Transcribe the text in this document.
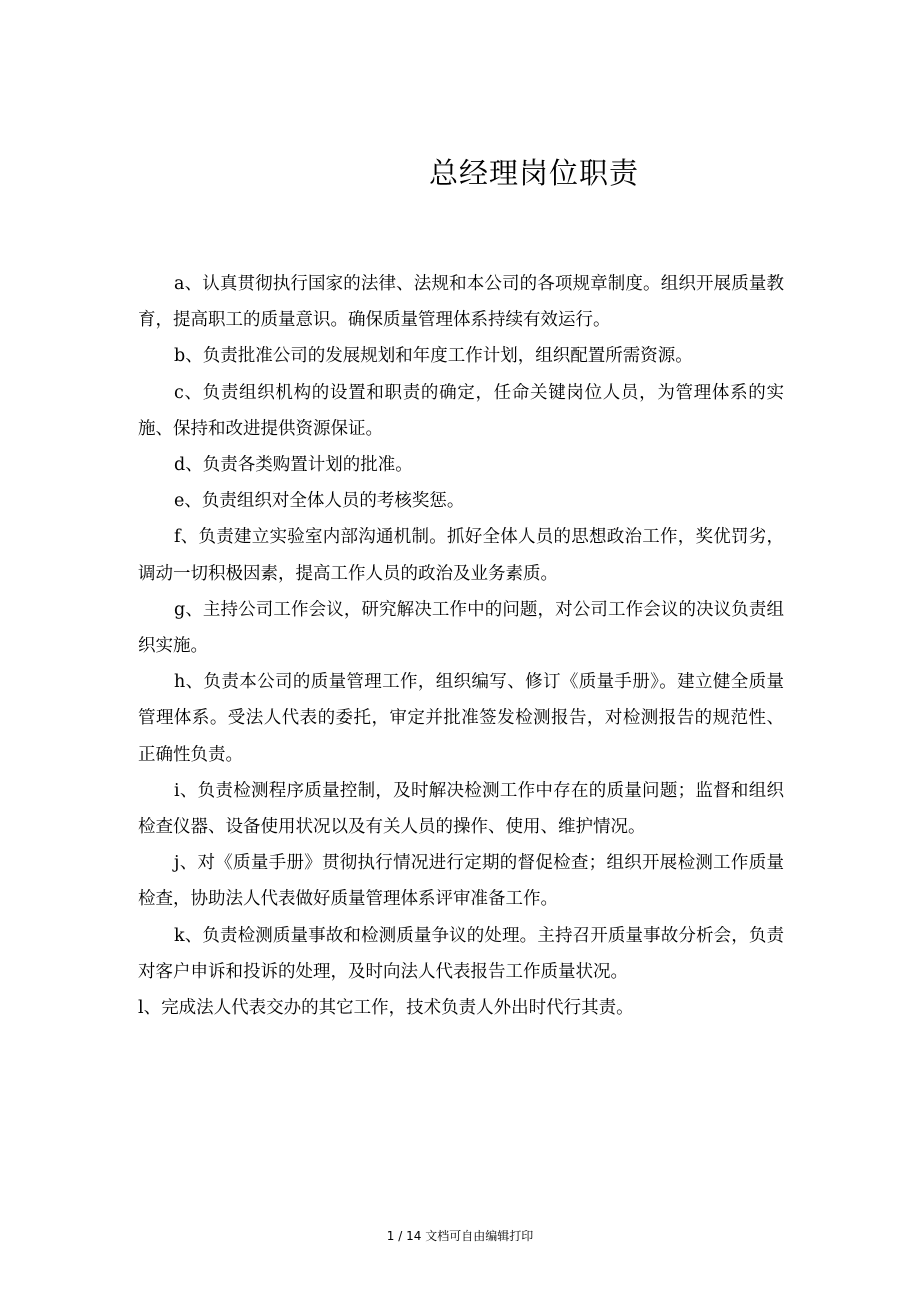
总经理岗位职责

a、认真贯彻执行国家的法律、法规和本公司的各项规章制度。组织开展质量教育，提高职工的质量意识。确保质量管理体系持续有效运行。

b、负责批准公司的发展规划和年度工作计划，组织配置所需资源。

c、负责组织机构的设置和职责的确定，任命关键岗位人员，为管理体系的实施、保持和改进提供资源保证。

d、负责各类购置计划的批准。

e、负责组织对全体人员的考核奖惩。

f、负责建立实验室内部沟通机制。抓好全体人员的思想政治工作，奖优罚劣，调动一切积极因素，提高工作人员的政治及业务素质。

g、主持公司工作会议，研究解决工作中的问题，对公司工作会议的决议负责组织实施。

h、负责本公司的质量管理工作，组织编写、修订《质量手册》。建立健全质量管理体系。受法人代表的委托，审定并批准签发检测报告，对检测报告的规范性、正确性负责。

i、负责检测程序质量控制，及时解决检测工作中存在的质量问题；监督和组织检查仪器、设备使用状况以及有关人员的操作、使用、维护情况。

j、对《质量手册》贯彻执行情况进行定期的督促检查；组织开展检测工作质量检查，协助法人代表做好质量管理体系评审准备工作。

k、负责检测质量事故和检测质量争议的处理。主持召开质量事故分析会，负责对客户申诉和投诉的处理，及时向法人代表报告工作质量状况。

l、完成法人代表交办的其它工作，技术负责人外出时代行其责。

1 / 14 文档可自由编辑打印
